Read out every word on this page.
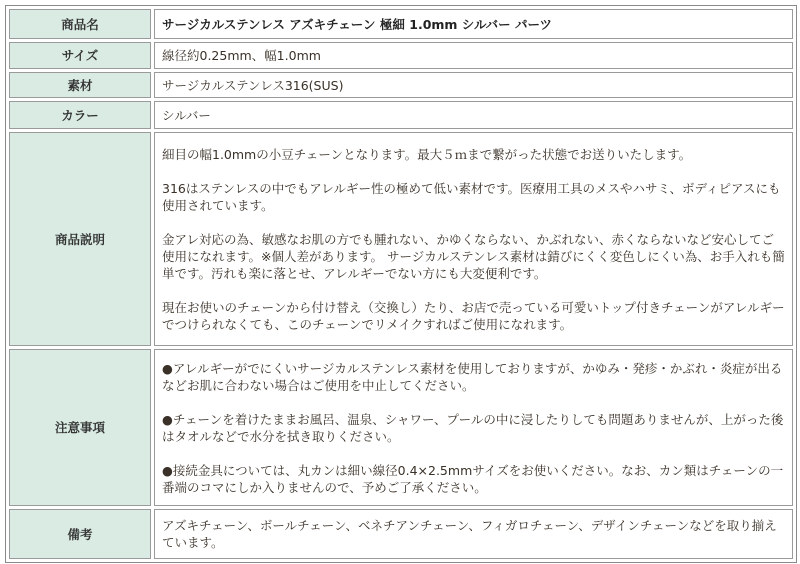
商品名	サージカルステンレス アズキチェーン 極細 1.0mm シルバー パーツ
サイズ	線径約0.25mm、幅1.0mm
素材	サージカルステンレス316(SUS)
カラー	シルバー
商品説明	細目の幅1.0mmの小豆チェーンとなります。最大５ｍまで繋がった状態でお送りいたします。

316はステンレスの中でもアレルギー性の極めて低い素材です。医療用工具のメスやハサミ、ボディピアスにも使用されています。

金アレ対応の為、敏感なお肌の方でも腫れない、かゆくならない、かぶれない、赤くならないなど安心してご使用になれます。※個人差があります。 サージカルステンレス素材は錆びにくく変色しにくい為、お手入れも簡単です。汚れも楽に落とせ、アレルギーでない方にも大変便利です。

現在お使いのチェーンから付け替え（交換し）たり、お店で売っている可愛いトップ付きチェーンがアレルギーでつけられなくても、このチェーンでリメイクすればご使用になれます。

注意事項	●アレルギーがでにくいサージカルステンレス素材を使用しておりますが、かゆみ・発疹・かぶれ・炎症が出るなどお肌に合わない場合はご使用を中止してください。

●チェーンを着けたままお風呂、温泉、シャワー、プールの中に浸したりしても問題ありませんが、上がった後はタオルなどで水分を拭き取りください。

●接続金具については、丸カンは細い線径0.4×2.5mmサイズをお使いください。なお、カン類はチェーンの一番端のコマにしか入りませんので、予めご了承ください。

備考	アズキチェーン、ボールチェーン、ベネチアンチェーン、フィガロチェーン、デザインチェーンなどを取り揃えています。
